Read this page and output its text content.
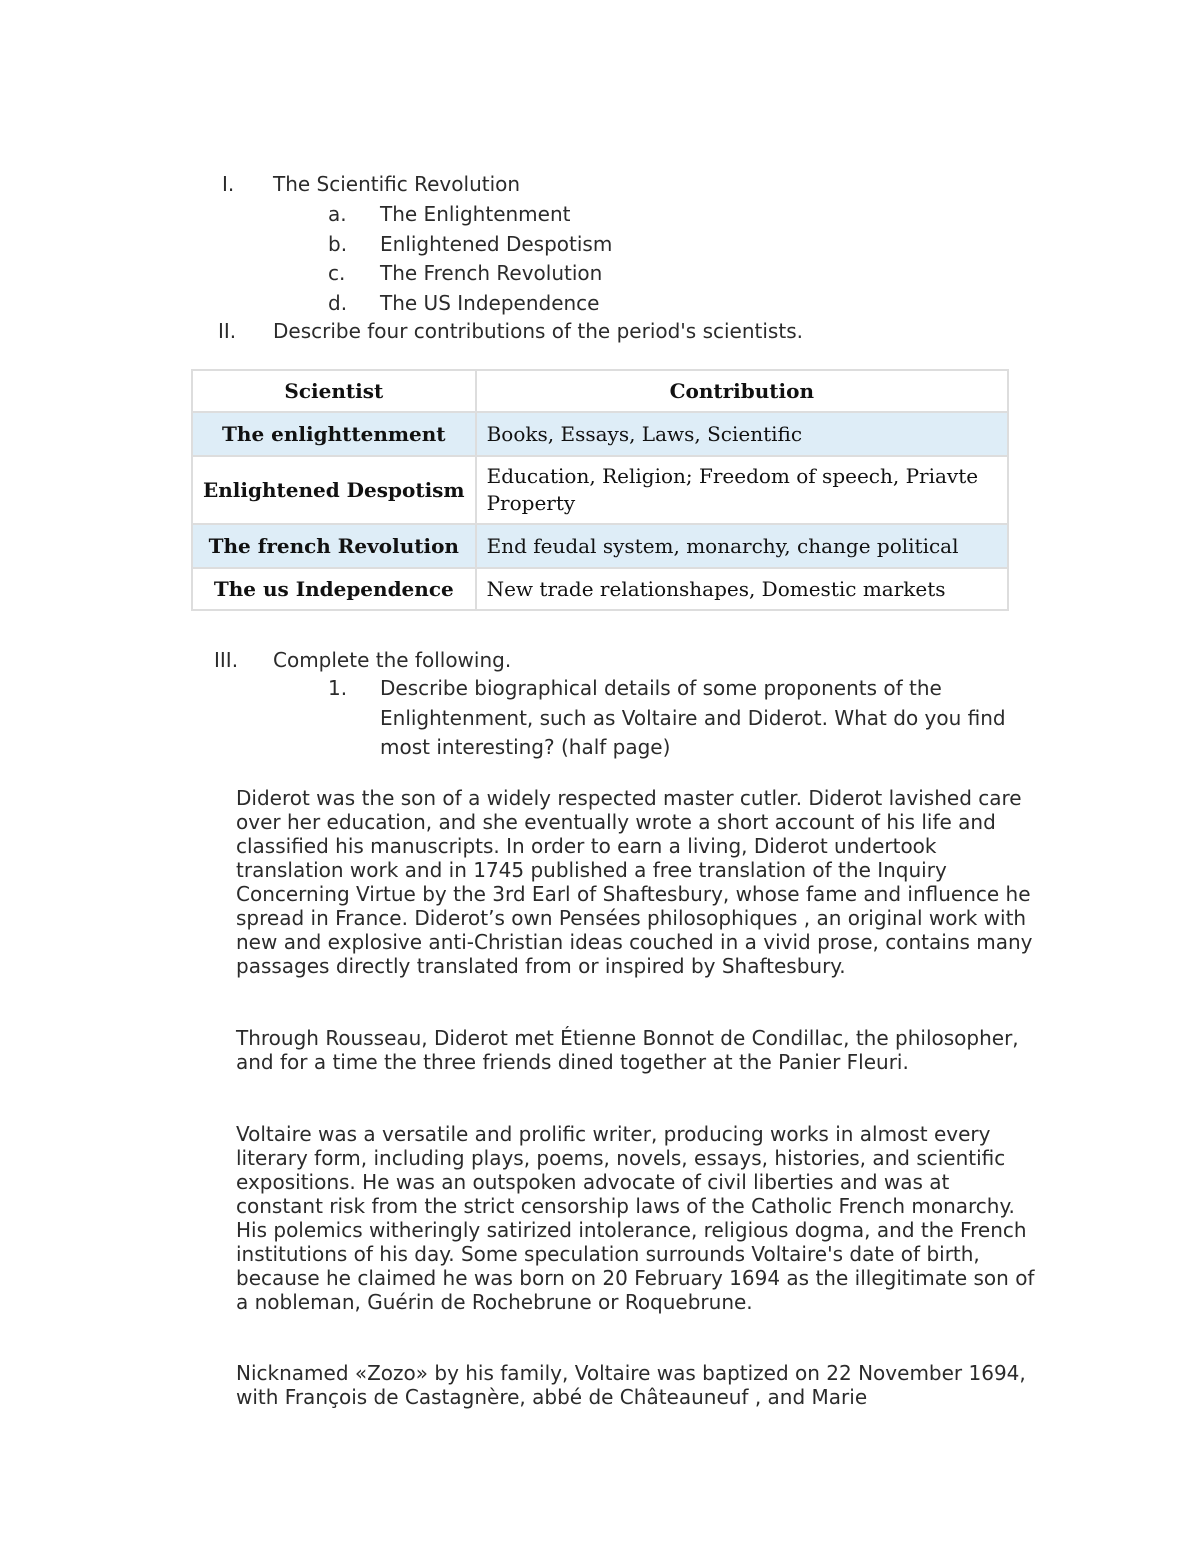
I. The Scientific Revolution
a. The Enlightenment
b. Enlightened Despotism
c. The French Revolution
d. The US Independence
II. Describe four contributions of the period's scientists.
Scientist	Contribution
The enlighttenment	Books, Essays, Laws, Scientific
Enlightened Despotism	Education, Religion; Freedom of speech, Priavte Property
The french Revolution	End feudal system, monarchy, change political
The us Independence	New trade relationshapes, Domestic markets
III. Complete the following.
1. Describe biographical details of some proponents of the Enlightenment, such as Voltaire and Diderot. What do you find most interesting? (half page)

Diderot was the son of a widely respected master cutler. Diderot lavished care over her education, and she eventually wrote a short account of his life and classified his manuscripts. In order to earn a living, Diderot undertook translation work and in 1745 published a free translation of the Inquiry Concerning Virtue by the 3rd Earl of Shaftesbury, whose fame and influence he spread in France. Diderot’s own Pensées philosophiques , an original work with new and explosive anti-Christian ideas couched in a vivid prose, contains many passages directly translated from or inspired by Shaftesbury.

Through Rousseau, Diderot met Étienne Bonnot de Condillac, the philosopher, and for a time the three friends dined together at the Panier Fleuri.

Voltaire was a versatile and prolific writer, producing works in almost every literary form, including plays, poems, novels, essays, histories, and scientific expositions. He was an outspoken advocate of civil liberties and was at constant risk from the strict censorship laws of the Catholic French monarchy. His polemics witheringly satirized intolerance, religious dogma, and the French institutions of his day. Some speculation surrounds Voltaire's date of birth, because he claimed he was born on 20 February 1694 as the illegitimate son of a nobleman, Guérin de Rochebrune or Roquebrune.

Nicknamed «Zozo» by his family, Voltaire was baptized on 22 November 1694, with François de Castagnère, abbé de Châteauneuf , and Marie
